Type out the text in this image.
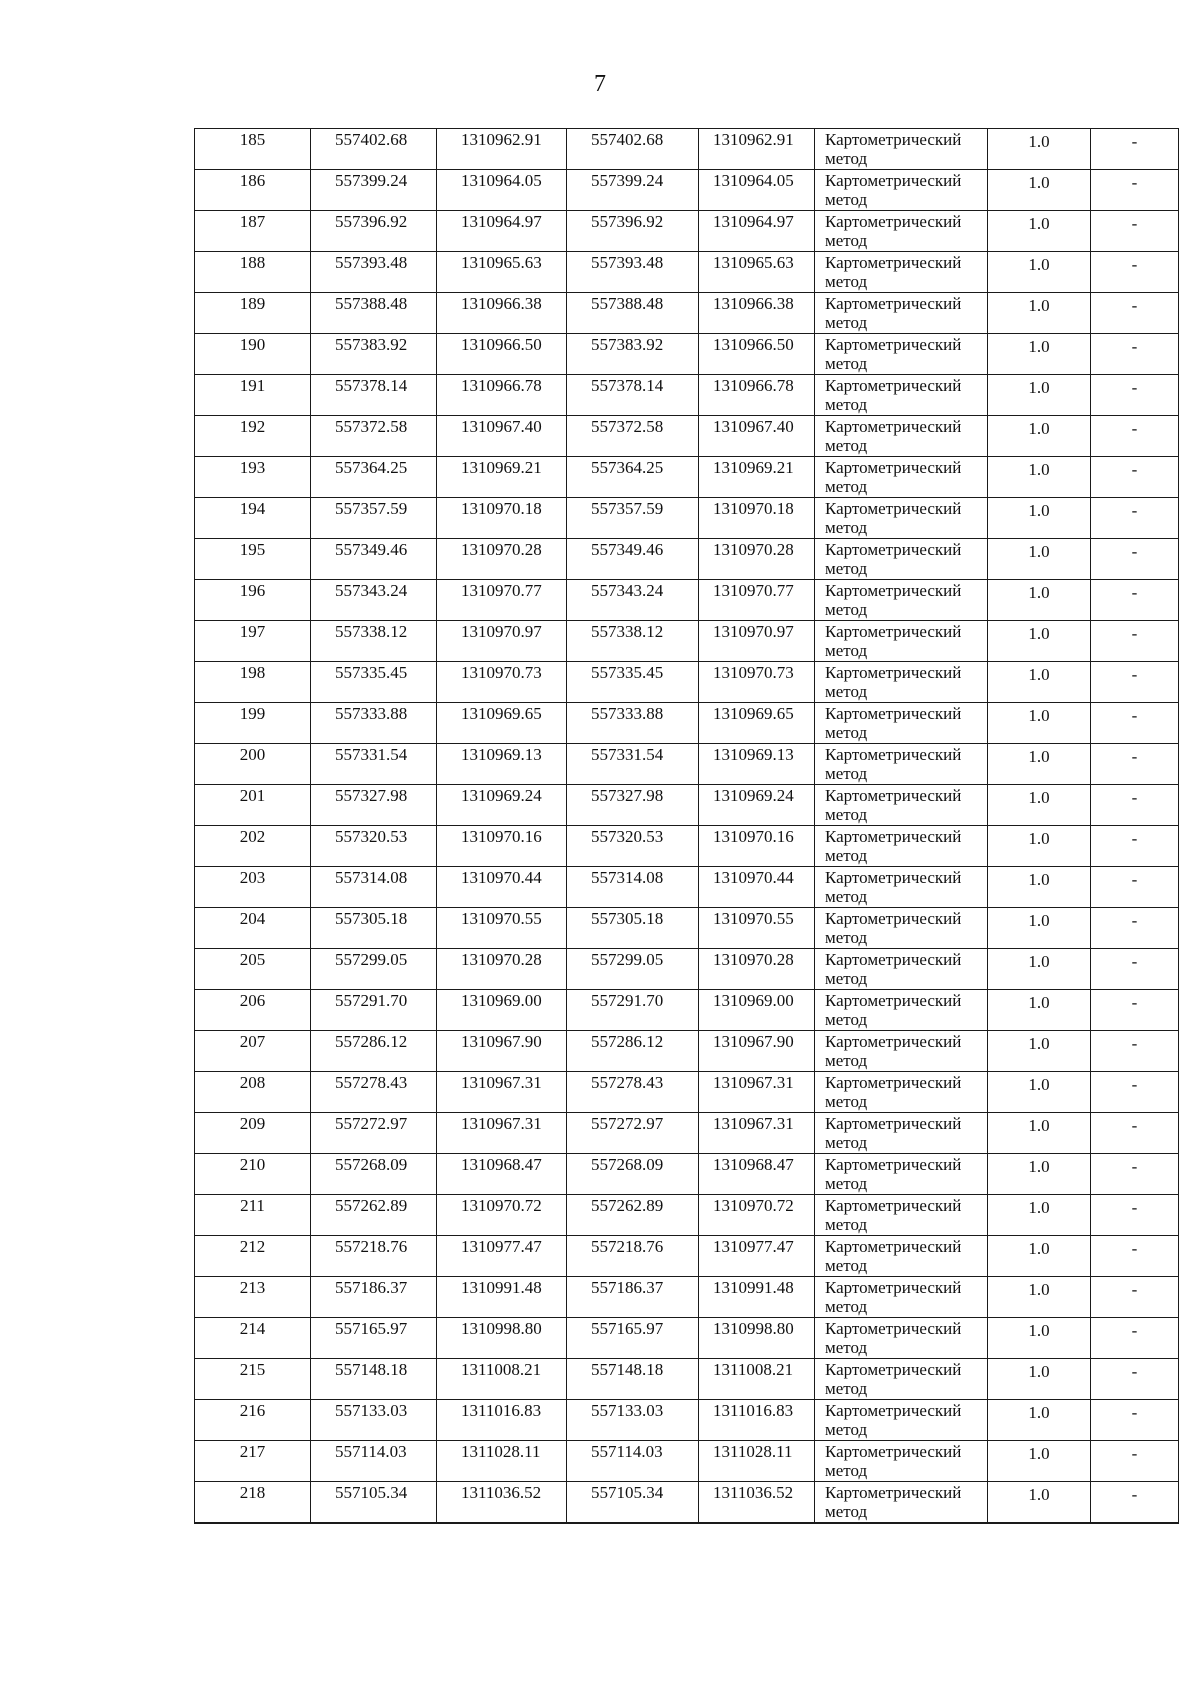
7
185	557402.68	1310962.91	557402.68	1310962.91	Картометрический
метод	1.0	-
186	557399.24	1310964.05	557399.24	1310964.05	Картометрический
метод	1.0	-
187	557396.92	1310964.97	557396.92	1310964.97	Картометрический
метод	1.0	-
188	557393.48	1310965.63	557393.48	1310965.63	Картометрический
метод	1.0	-
189	557388.48	1310966.38	557388.48	1310966.38	Картометрический
метод	1.0	-
190	557383.92	1310966.50	557383.92	1310966.50	Картометрический
метод	1.0	-
191	557378.14	1310966.78	557378.14	1310966.78	Картометрический
метод	1.0	-
192	557372.58	1310967.40	557372.58	1310967.40	Картометрический
метод	1.0	-
193	557364.25	1310969.21	557364.25	1310969.21	Картометрический
метод	1.0	-
194	557357.59	1310970.18	557357.59	1310970.18	Картометрический
метод	1.0	-
195	557349.46	1310970.28	557349.46	1310970.28	Картометрический
метод	1.0	-
196	557343.24	1310970.77	557343.24	1310970.77	Картометрический
метод	1.0	-
197	557338.12	1310970.97	557338.12	1310970.97	Картометрический
метод	1.0	-
198	557335.45	1310970.73	557335.45	1310970.73	Картометрический
метод	1.0	-
199	557333.88	1310969.65	557333.88	1310969.65	Картометрический
метод	1.0	-
200	557331.54	1310969.13	557331.54	1310969.13	Картометрический
метод	1.0	-
201	557327.98	1310969.24	557327.98	1310969.24	Картометрический
метод	1.0	-
202	557320.53	1310970.16	557320.53	1310970.16	Картометрический
метод	1.0	-
203	557314.08	1310970.44	557314.08	1310970.44	Картометрический
метод	1.0	-
204	557305.18	1310970.55	557305.18	1310970.55	Картометрический
метод	1.0	-
205	557299.05	1310970.28	557299.05	1310970.28	Картометрический
метод	1.0	-
206	557291.70	1310969.00	557291.70	1310969.00	Картометрический
метод	1.0	-
207	557286.12	1310967.90	557286.12	1310967.90	Картометрический
метод	1.0	-
208	557278.43	1310967.31	557278.43	1310967.31	Картометрический
метод	1.0	-
209	557272.97	1310967.31	557272.97	1310967.31	Картометрический
метод	1.0	-
210	557268.09	1310968.47	557268.09	1310968.47	Картометрический
метод	1.0	-
211	557262.89	1310970.72	557262.89	1310970.72	Картометрический
метод	1.0	-
212	557218.76	1310977.47	557218.76	1310977.47	Картометрический
метод	1.0	-
213	557186.37	1310991.48	557186.37	1310991.48	Картометрический
метод	1.0	-
214	557165.97	1310998.80	557165.97	1310998.80	Картометрический
метод	1.0	-
215	557148.18	1311008.21	557148.18	1311008.21	Картометрический
метод	1.0	-
216	557133.03	1311016.83	557133.03	1311016.83	Картометрический
метод	1.0	-
217	557114.03	1311028.11	557114.03	1311028.11	Картометрический
метод	1.0	-
218	557105.34	1311036.52	557105.34	1311036.52	Картометрический
метод	1.0	-
